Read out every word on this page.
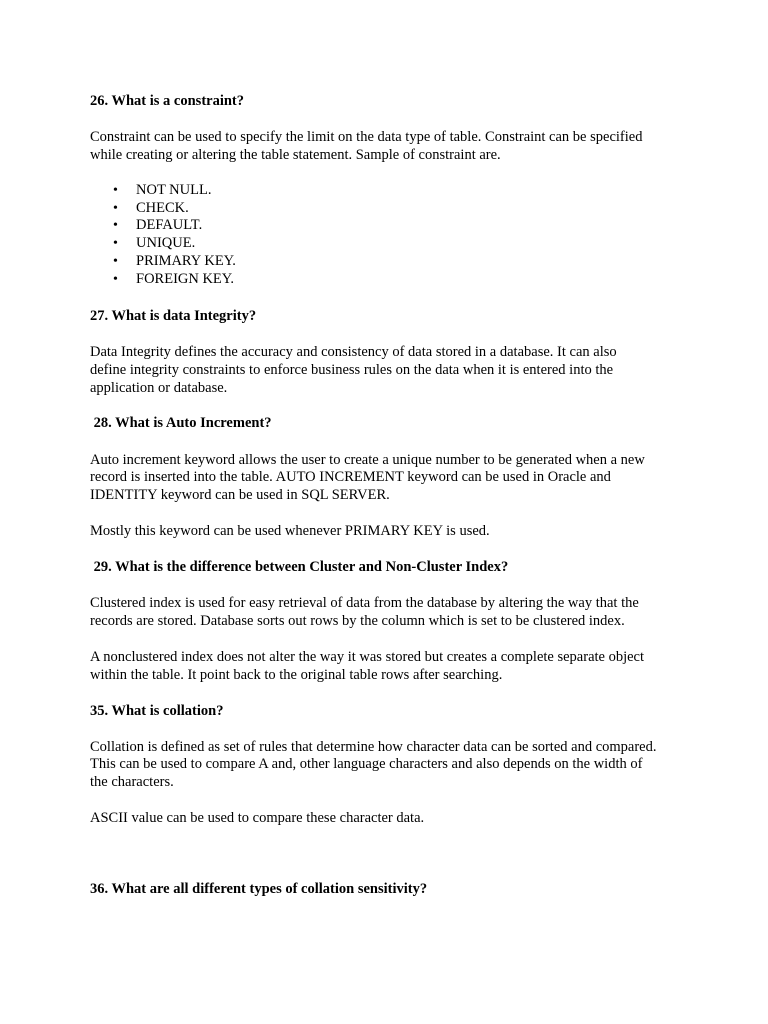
26. What is a constraint?
Constraint can be used to specify the limit on the data type of table. Constraint can be specified
while creating or altering the table statement. Sample of constraint are.
• NOT NULL.
• CHECK.
• DEFAULT.
• UNIQUE.
• PRIMARY KEY.
• FOREIGN KEY.
27. What is data Integrity?
Data Integrity defines the accuracy and consistency of data stored in a database. It can also
define integrity constraints to enforce business rules on the data when it is entered into the
application or database.
28. What is Auto Increment?
Auto increment keyword allows the user to create a unique number to be generated when a new
record is inserted into the table. AUTO INCREMENT keyword can be used in Oracle and
IDENTITY keyword can be used in SQL SERVER.
Mostly this keyword can be used whenever PRIMARY KEY is used.
29. What is the difference between Cluster and Non-Cluster Index?
Clustered index is used for easy retrieval of data from the database by altering the way that the
records are stored. Database sorts out rows by the column which is set to be clustered index.
A nonclustered index does not alter the way it was stored but creates a complete separate object
within the table. It point back to the original table rows after searching.
35. What is collation?
Collation is defined as set of rules that determine how character data can be sorted and compared.
This can be used to compare A and, other language characters and also depends on the width of
the characters.
ASCII value can be used to compare these character data.
36. What are all different types of collation sensitivity?
